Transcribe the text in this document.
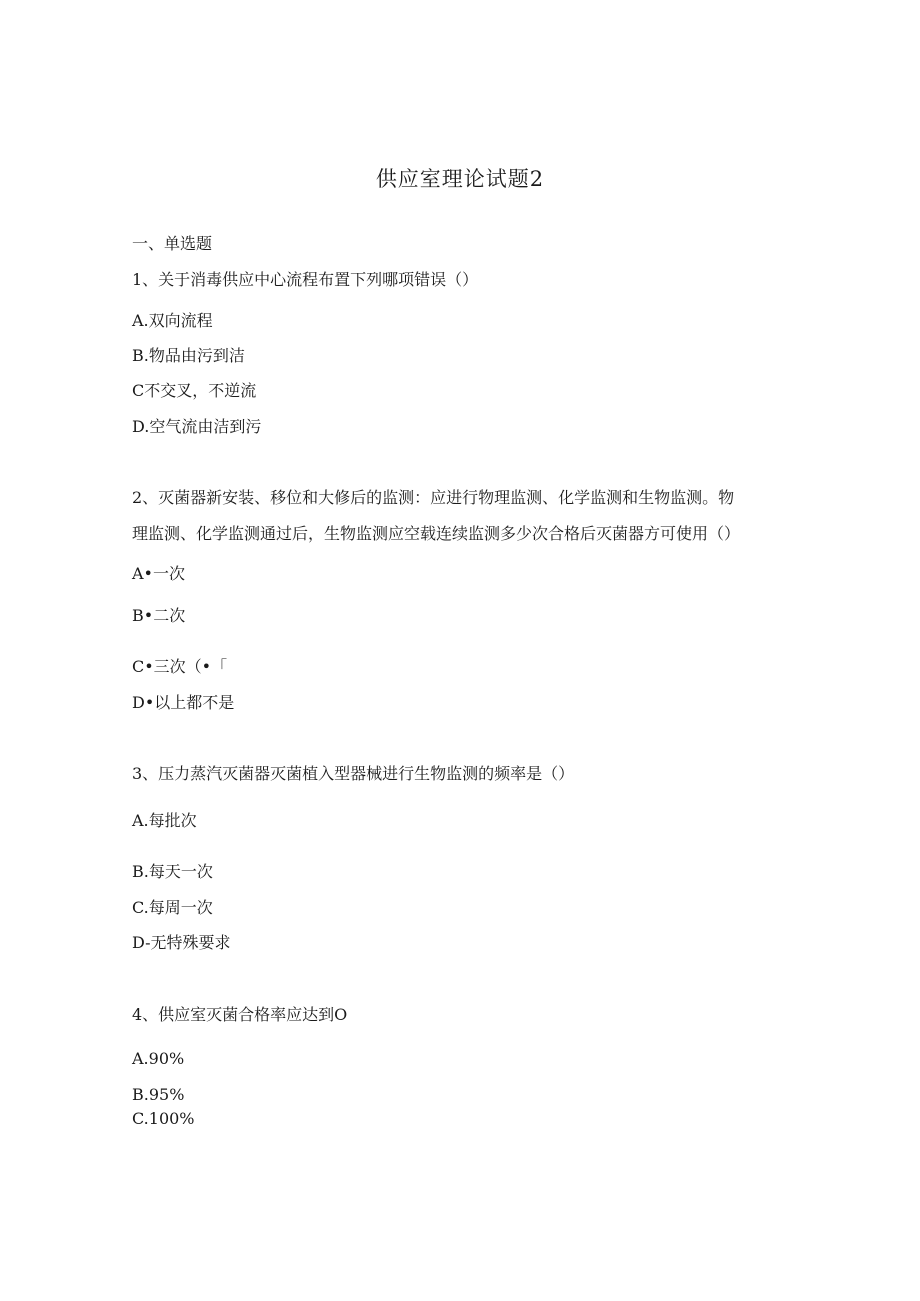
供应室理论试题2
一、单选题
1、关于消毒供应中心流程布置下列哪项错误（）
A.双向流程
B.物品由污到洁
C不交叉，不逆流
D.空气流由洁到污
2、灭菌器新安装、移位和大修后的监测：应进行物理监测、化学监测和生物监测。物
理监测、化学监测通过后，生物监测应空载连续监测多少次合格后灭菌器方可使用（）
A•一次
B•二次
C•三次（•「
D•以上都不是
3、压力蒸汽灭菌器灭菌植入型器械进行生物监测的频率是（）
A.每批次
B.每天一次
C.每周一次
D-无特殊要求
4、供应室灭菌合格率应达到O
A.90%
B.95%
C.100%
